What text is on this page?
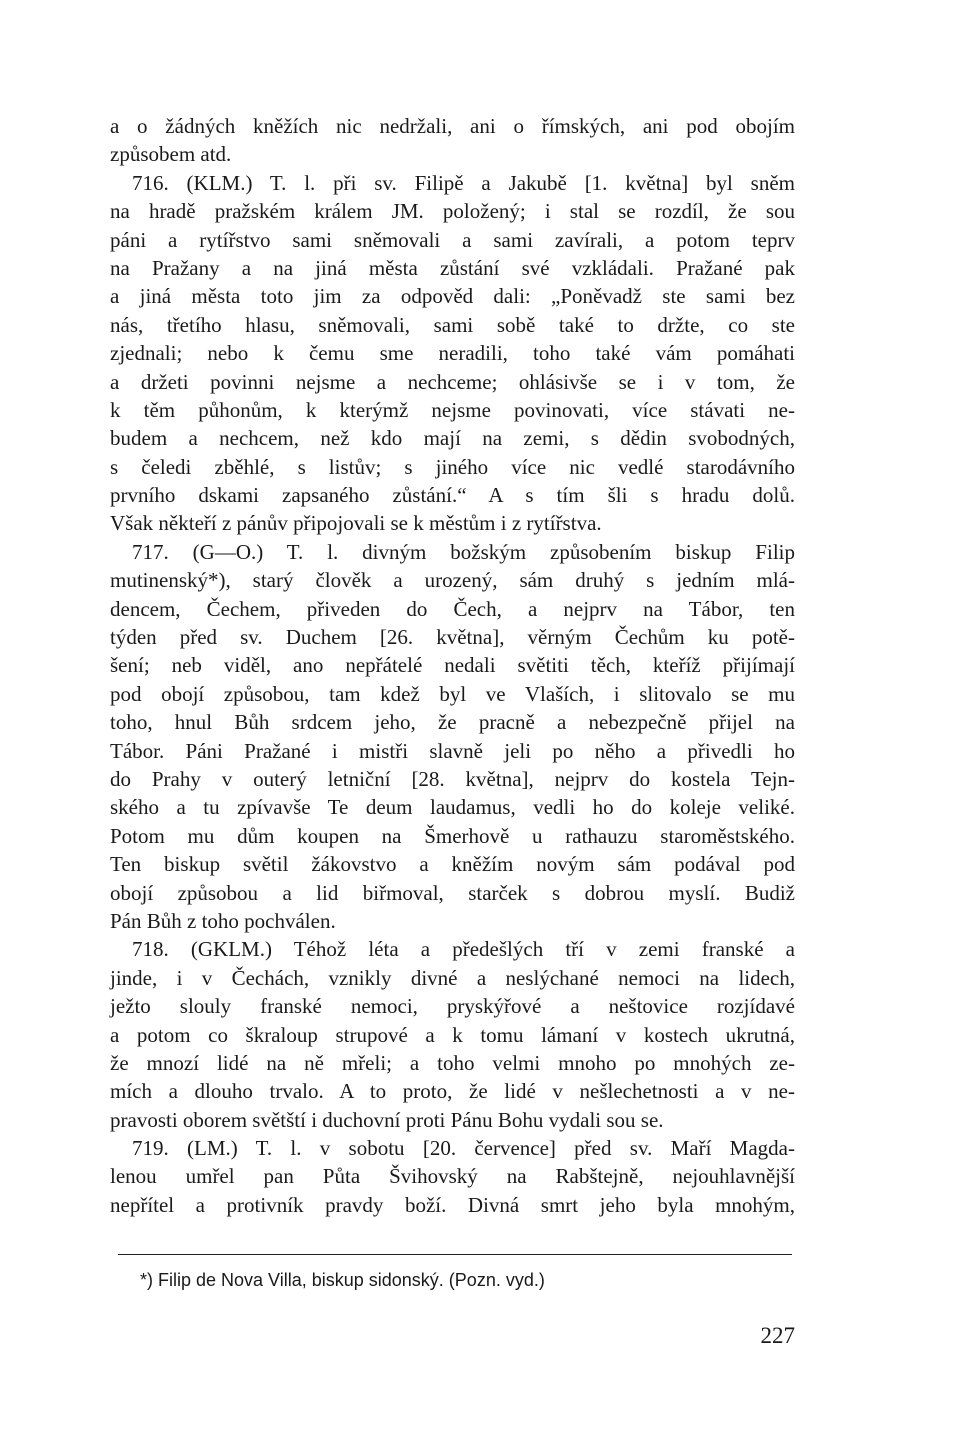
a o žádných kněžích nic nedržali, ani o římských, ani pod obojím
způsobem atd.
716. (KLM.) T. l. při sv. Filipě a Jakubě [1. května] byl sněm
na hradě pražském králem JM. položený; i stal se rozdíl, že sou
páni a rytířstvo sami sněmovali a sami zavírali, a potom teprv
na Pražany a na jiná města zůstání své vzkládali. Pražané pak
a jiná města toto jim za odpověd dali: „Poněvadž ste sami bez
nás, třetího hlasu, sněmovali, sami sobě také to držte, co ste
zjednali; nebo k čemu sme neradili, toho také vám pomáhati
a držeti povinni nejsme a nechceme; ohlásivše se i v tom, že
k těm půhonům, k kterýmž nejsme povinovati, více stávati ne-
budem a nechcem, než kdo mají na zemi, s dědin svobodných,
s čeledi zběhlé, s listův; s jiného více nic vedlé starodávního
prvního dskami zapsaného zůstání.“ A s tím šli s hradu dolů.
Však někteří z pánův připojovali se k městům i z rytířstva.
717. (G—O.) T. l. divným božským způsobením biskup Filip
mutinenský*), starý člověk a urozený, sám druhý s jedním mlá-
dencem, Čechem, přiveden do Čech, a nejprv na Tábor, ten
týden před sv. Duchem [26. května], věrným Čechům ku potě-
šení; neb viděl, ano nepřátelé nedali světiti těch, kteříž přijímají
pod obojí způsobou, tam kdež byl ve Vlaších, i slitovalo se mu
toho, hnul Bůh srdcem jeho, že pracně a nebezpečně přijel na
Tábor. Páni Pražané i mistři slavně jeli po něho a přivedli ho
do Prahy v outerý letniční [28. května], nejprv do kostela Tejn-
ského a tu zpívavše Te deum laudamus, vedli ho do koleje veliké.
Potom mu dům koupen na Šmerhově u rathauzu staroměstského.
Ten biskup světil žákovstvo a kněžím novým sám podával pod
obojí způsobou a lid biřmoval, starček s dobrou myslí. Budiž
Pán Bůh z toho pochválen.
718. (GKLM.) Téhož léta a předešlých tří v zemi franské a
jinde, i v Čechách, vznikly divné a neslýchané nemoci na lidech,
ježto slouly franské nemoci, pryskýřové a neštovice rozjídavé
a potom co škraloup strupové a k tomu lámaní v kostech ukrutná,
že mnozí lidé na ně mřeli; a toho velmi mnoho po mnohých ze-
mích a dlouho trvalo. A to proto, že lidé v nešlechetnosti a v ne-
pravosti oborem světští i duchovní proti Pánu Bohu vydali sou se.
719. (LM.) T. l. v sobotu [20. července] před sv. Maří Magda-
lenou umřel pan Půta Švihovský na Rabštejně, nejouhlavnější
nepřítel a protivník pravdy boží. Divná smrt jeho byla mnohým,
*) Filip de Nova Villa, biskup sidonský. (Pozn. vyd.)
227
